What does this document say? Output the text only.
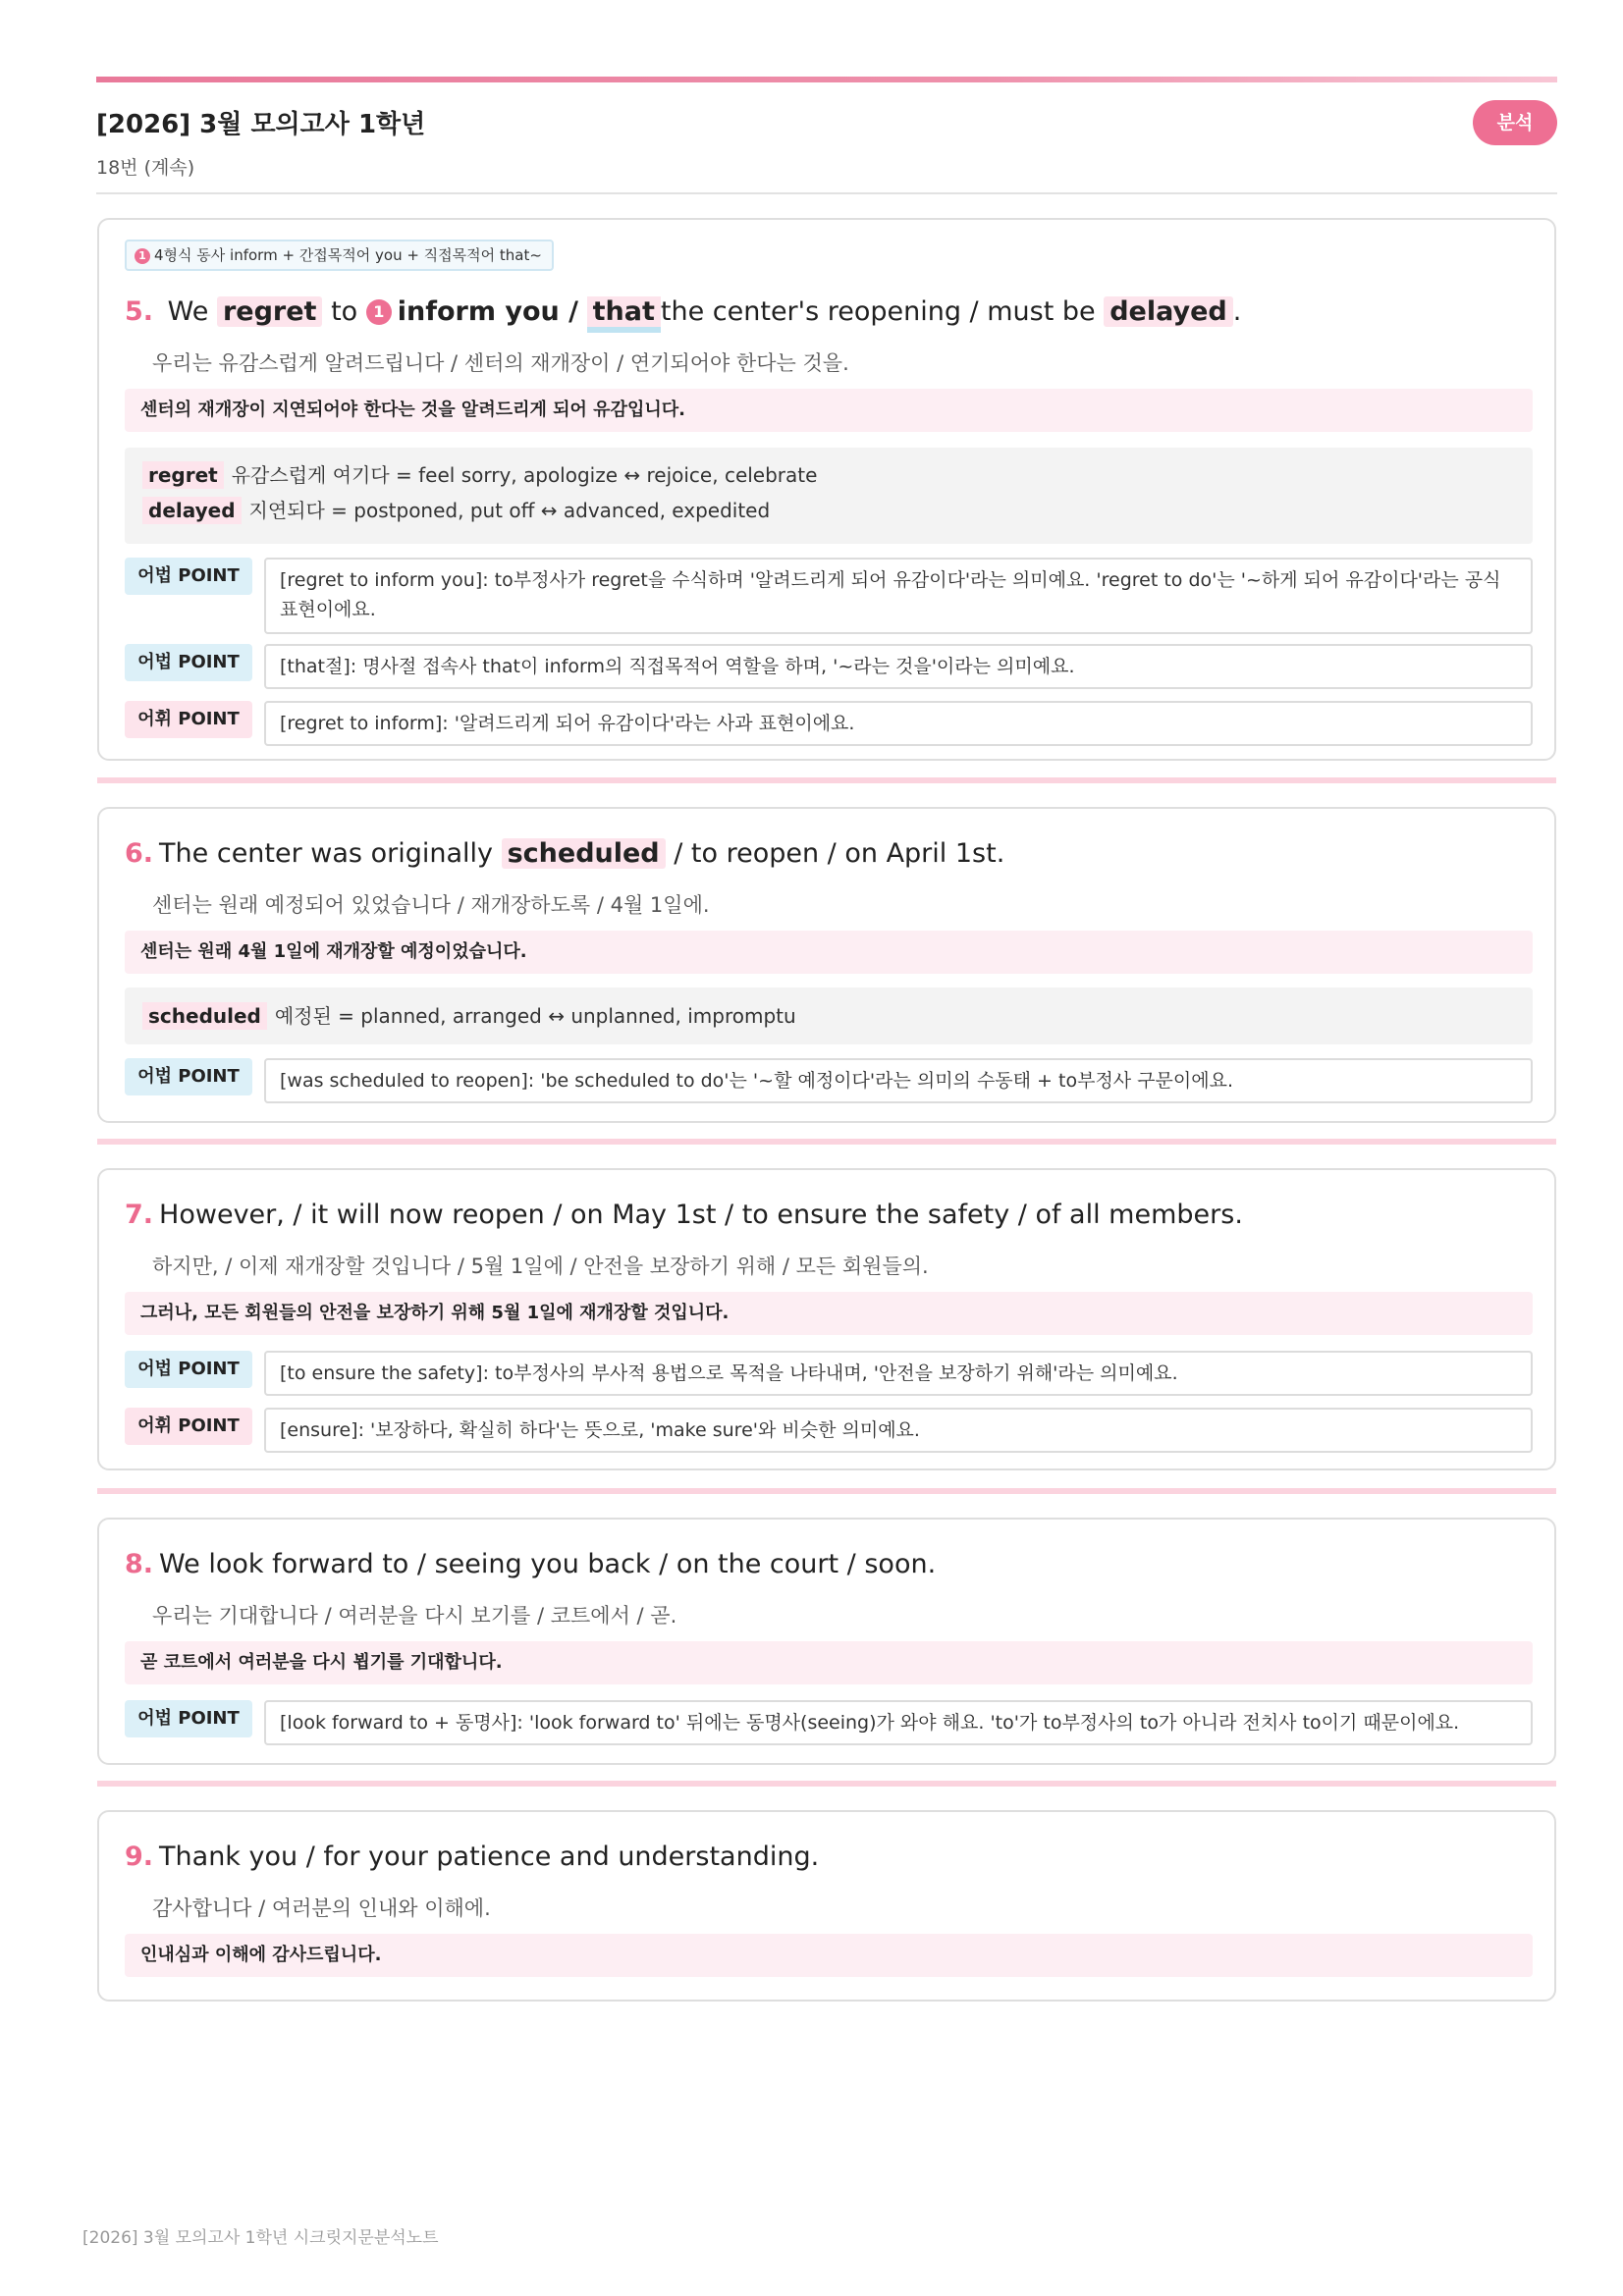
[2026] 3월 모의고사 1학년
18번 (계속)
분석
1 4형식 동사 inform + 간접목적어 you + 직접목적어 that~
5. We regret to 1 inform you / that the center's reopening / must be delayed .
우리는 유감스럽게 알려드립니다 / 센터의 재개장이 / 연기되어야 한다는 것을.
센터의 재개장이 지연되어야 한다는 것을 알려드리게 되어 유감입니다.
regret 유감스럽게 여기다 = feel sorry, apologize ↔ rejoice, celebrate
delayed 지연되다 = postponed, put off ↔ advanced, expedited
어법 POINT	[regret to inform you]: to부정사가 regret을 수식하며 '알려드리게 되어 유감이다'라는 의미예요. 'regret to do'는 '~하게 되어 유감이다'라는 공식 표현이에요.
어법 POINT	[that절]: 명사절 접속사 that이 inform의 직접목적어 역할을 하며, '~라는 것을'이라는 의미예요.
어휘 POINT	[regret to inform]: '알려드리게 되어 유감이다'라는 사과 표현이에요.
6. The center was originally scheduled / to reopen / on April 1st.
센터는 원래 예정되어 있었습니다 / 재개장하도록 / 4월 1일에.
센터는 원래 4월 1일에 재개장할 예정이었습니다.
scheduled 예정된 = planned, arranged ↔ unplanned, impromptu
어법 POINT	[was scheduled to reopen]: 'be scheduled to do'는 '~할 예정이다'라는 의미의 수동태 + to부정사 구문이에요.
7. However, / it will now reopen / on May 1st / to ensure the safety / of all members.
하지만, / 이제 재개장할 것입니다 / 5월 1일에 / 안전을 보장하기 위해 / 모든 회원들의.
그러나, 모든 회원들의 안전을 보장하기 위해 5월 1일에 재개장할 것입니다.
어법 POINT	[to ensure the safety]: to부정사의 부사적 용법으로 목적을 나타내며, '안전을 보장하기 위해'라는 의미예요.
어휘 POINT	[ensure]: '보장하다, 확실히 하다'는 뜻으로, 'make sure'와 비슷한 의미예요.
8. We look forward to / seeing you back / on the court / soon.
우리는 기대합니다 / 여러분을 다시 보기를 / 코트에서 / 곧.
곧 코트에서 여러분을 다시 뵙기를 기대합니다.
어법 POINT	[look forward to + 동명사]: 'look forward to' 뒤에는 동명사(seeing)가 와야 해요. 'to'가 to부정사의 to가 아니라 전치사 to이기 때문이에요.
9. Thank you / for your patience and understanding.
감사합니다 / 여러분의 인내와 이해에.
인내심과 이해에 감사드립니다.
[2026] 3월 모의고사 1학년 시크릿지문분석노트
